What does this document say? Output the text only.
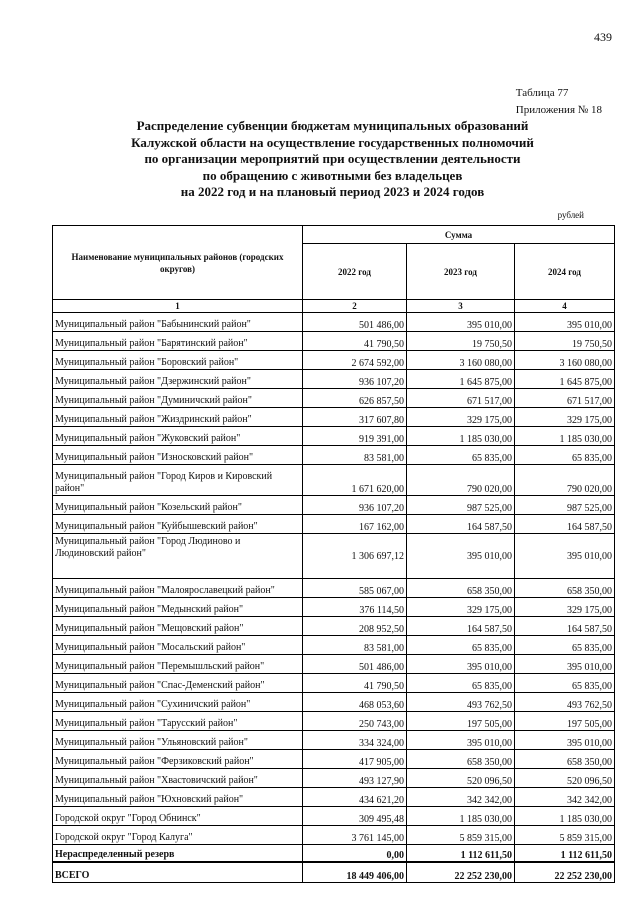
439
Таблица 77
Приложения № 18
Распределение субвенции бюджетам муниципальных образований
Калужской области на осуществление государственных полномочий
по организации мероприятий при осуществлении деятельности
по обращению с животными без владельцев
на 2022 год и на плановый период 2023 и 2024 годов
рублей
Наименование муниципальных районов (городских округов)	Сумма		
	2022 год	2023 год	2024 год
1	2	3	4
Муниципальный район "Бабынинский район"	501 486,00	395 010,00	395 010,00
Муниципальный район "Барятинский район"	41 790,50	19 750,50	19 750,50
Муниципальный район "Боровский район"	2 674 592,00	3 160 080,00	3 160 080,00
Муниципальный район "Дзержинский район"	936 107,20	1 645 875,00	1 645 875,00
Муниципальный район "Думиничский район"	626 857,50	671 517,00	671 517,00
Муниципальный район "Жиздринский район"	317 607,80	329 175,00	329 175,00
Муниципальный район "Жуковский район"	919 391,00	1 185 030,00	1 185 030,00
Муниципальный район "Износковский район"	83 581,00	65 835,00	65 835,00
Муниципальный район "Город Киров и Кировский район"	1 671 620,00	790 020,00	790 020,00
Муниципальный район "Козельский район"	936 107,20	987 525,00	987 525,00
Муниципальный район "Куйбышевский район"	167 162,00	164 587,50	164 587,50
Муниципальный район "Город Людиново и Людиновский район"	1 306 697,12	395 010,00	395 010,00
Муниципальный район "Малоярославецкий район"	585 067,00	658 350,00	658 350,00
Муниципальный район "Медынский район"	376 114,50	329 175,00	329 175,00
Муниципальный район "Мещовский район"	208 952,50	164 587,50	164 587,50
Муниципальный район "Мосальский район"	83 581,00	65 835,00	65 835,00
Муниципальный район "Перемышльский район"	501 486,00	395 010,00	395 010,00
Муниципальный район "Спас-Деменский район"	41 790,50	65 835,00	65 835,00
Муниципальный район "Сухиничский район"	468 053,60	493 762,50	493 762,50
Муниципальный район "Тарусский район"	250 743,00	197 505,00	197 505,00
Муниципальный район "Ульяновский район"	334 324,00	395 010,00	395 010,00
Муниципальный район "Ферзиковский район"	417 905,00	658 350,00	658 350,00
Муниципальный район "Хвастовичский район"	493 127,90	520 096,50	520 096,50
Муниципальный район "Юхновский район"	434 621,20	342 342,00	342 342,00
Городской округ "Город Обнинск"	309 495,48	1 185 030,00	1 185 030,00
Городской округ "Город Калуга"	3 761 145,00	5 859 315,00	5 859 315,00
Нераспределенный резерв	0,00	1 112 611,50	1 112 611,50
ВСЕГО	18 449 406,00	22 252 230,00	22 252 230,00
